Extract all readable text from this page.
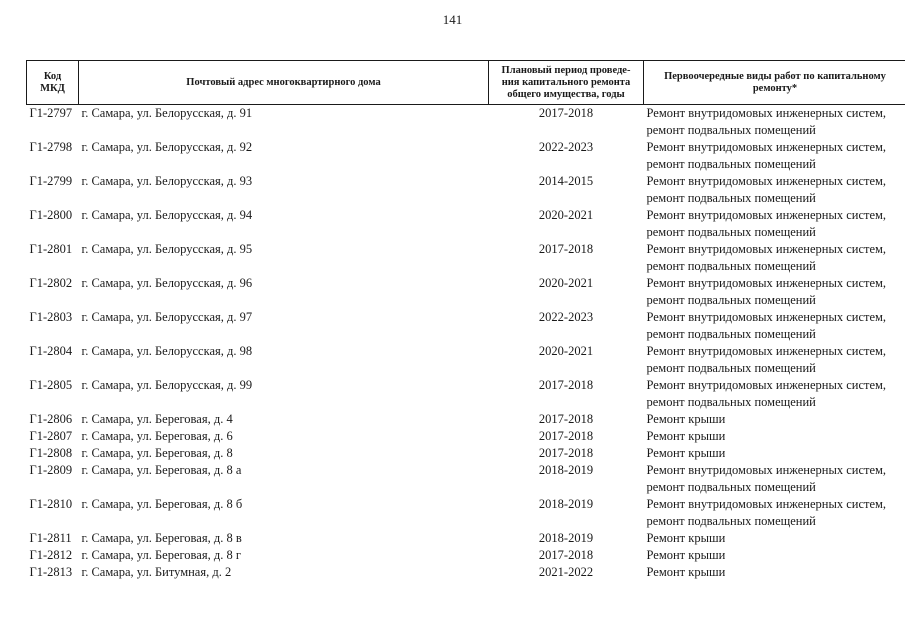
141
Код МКД	Почтовый адрес многоквартирного дома	Плановый период проведе-ния капитального ремонта общего имущества, годы	Первоочередные виды работ по капитальному ремонту*
Г1-2797	г. Самара, ул. Белорусская, д. 91	2017-2018	Ремонт внутридомовых инженерных систем, ремонт подвальных помещений
Г1-2798	г. Самара, ул. Белорусская, д. 92	2022-2023	Ремонт внутридомовых инженерных систем, ремонт подвальных помещений
Г1-2799	г. Самара, ул. Белорусская, д. 93	2014-2015	Ремонт внутридомовых инженерных систем, ремонт подвальных помещений
Г1-2800	г. Самара, ул. Белорусская, д. 94	2020-2021	Ремонт внутридомовых инженерных систем, ремонт подвальных помещений
Г1-2801	г. Самара, ул. Белорусская, д. 95	2017-2018	Ремонт внутридомовых инженерных систем, ремонт подвальных помещений
Г1-2802	г. Самара, ул. Белорусская, д. 96	2020-2021	Ремонт внутридомовых инженерных систем, ремонт подвальных помещений
Г1-2803	г. Самара, ул. Белорусская, д. 97	2022-2023	Ремонт внутридомовых инженерных систем, ремонт подвальных помещений
Г1-2804	г. Самара, ул. Белорусская, д. 98	2020-2021	Ремонт внутридомовых инженерных систем, ремонт подвальных помещений
Г1-2805	г. Самара, ул. Белорусская, д. 99	2017-2018	Ремонт внутридомовых инженерных систем, ремонт подвальных помещений
Г1-2806	г. Самара, ул. Береговая, д. 4	2017-2018	Ремонт крыши
Г1-2807	г. Самара, ул. Береговая, д. 6	2017-2018	Ремонт крыши
Г1-2808	г. Самара, ул. Береговая, д. 8	2017-2018	Ремонт крыши
Г1-2809	г. Самара, ул. Береговая, д. 8 а	2018-2019	Ремонт внутридомовых инженерных систем, ремонт подвальных помещений
Г1-2810	г. Самара, ул. Береговая, д. 8 б	2018-2019	Ремонт внутридомовых инженерных систем, ремонт подвальных помещений
Г1-2811	г. Самара, ул. Береговая, д. 8 в	2018-2019	Ремонт крыши
Г1-2812	г. Самара, ул. Береговая, д. 8 г	2017-2018	Ремонт крыши
Г1-2813	г. Самара, ул. Битумная, д. 2	2021-2022	Ремонт крыши
